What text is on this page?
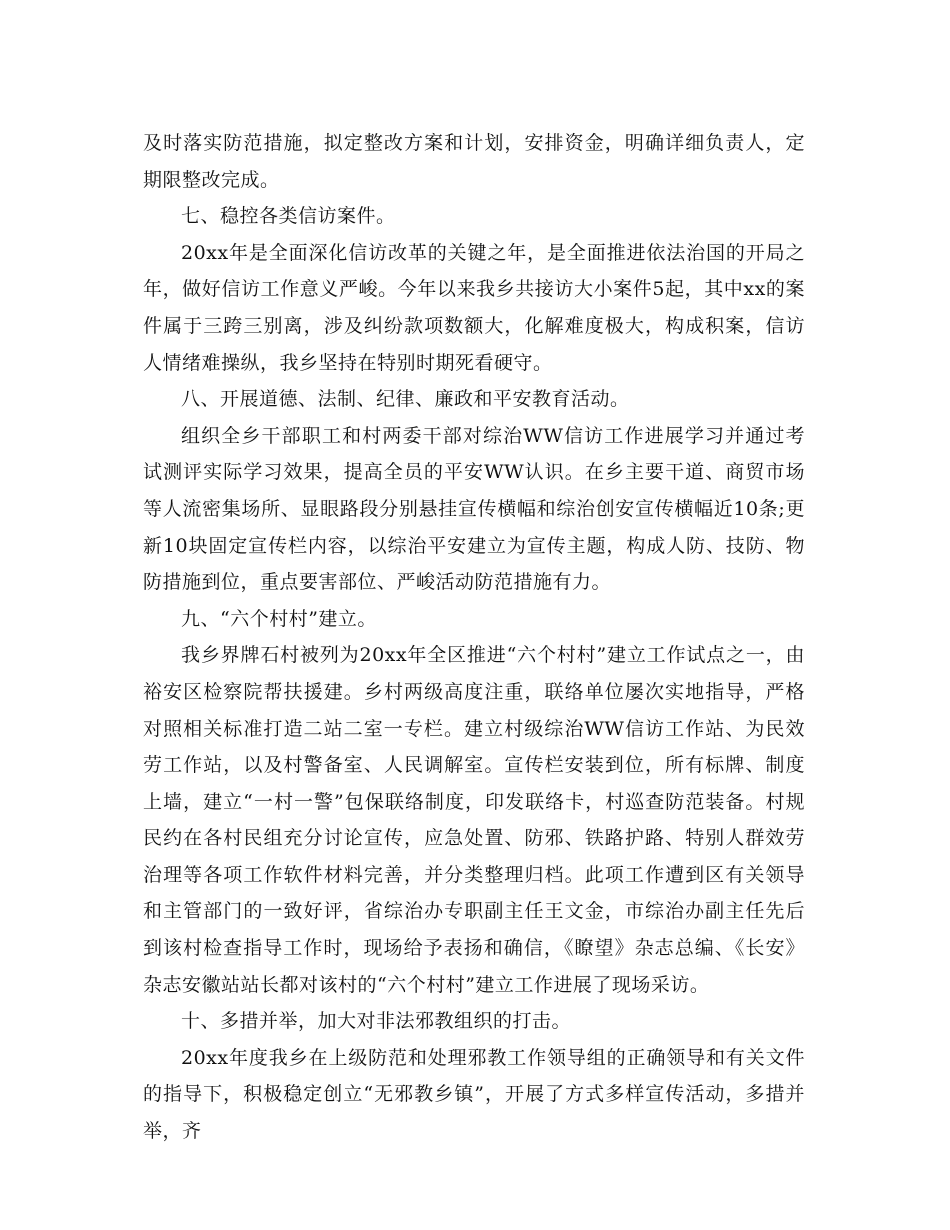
及时落实防范措施，拟定整改方案和计划，安排资金，明确详细负责人，定期限整改完成。

七、稳控各类信访案件。

20xx年是全面深化信访改革的关键之年，是全面推进依法治国的开局之年，做好信访工作意义严峻。今年以来我乡共接访大小案件5起，其中xx的案件属于三跨三别离，涉及纠纷款项数额大，化解难度极大，构成积案，信访人情绪难操纵，我乡坚持在特别时期死看硬守。

八、开展道德、法制、纪律、廉政和平安教育活动。

组织全乡干部职工和村两委干部对综治WW信访工作进展学习并通过考试测评实际学习效果，提高全员的平安WW认识。在乡主要干道、商贸市场等人流密集场所、显眼路段分别悬挂宣传横幅和综治创安宣传横幅近10条;更新10块固定宣传栏内容，以综治平安建立为宣传主题，构成人防、技防、物防措施到位，重点要害部位、严峻活动防范措施有力。

九、“六个村村”建立。

我乡界牌石村被列为20xx年全区推进“六个村村”建立工作试点之一，由裕安区检察院帮扶援建。乡村两级高度注重，联络单位屡次实地指导，严格对照相关标准打造二站二室一专栏。建立村级综治WW信访工作站、为民效劳工作站，以及村警备室、人民调解室。宣传栏安装到位，所有标牌、制度上墙，建立“一村一警”包保联络制度，印发联络卡，村巡查防范装备。村规民约在各村民组充分讨论宣传，应急处置、防邪、铁路护路、特别人群效劳治理等各项工作软件材料完善，并分类整理归档。此项工作遭到区有关领导和主管部门的一致好评，省综治办专职副主任王文金，市综治办副主任先后到该村检查指导工作时，现场给予表扬和确信，《瞭望》杂志总编、《长安》杂志安徽站站长都对该村的“六个村村”建立工作进展了现场采访。

十、多措并举，加大对非法邪教组织的打击。

20xx年度我乡在上级防范和处理邪教工作领导组的正确领导和有关文件的指导下，积极稳定创立“无邪教乡镇”，开展了方式多样宣传活动，多措并举，齐
